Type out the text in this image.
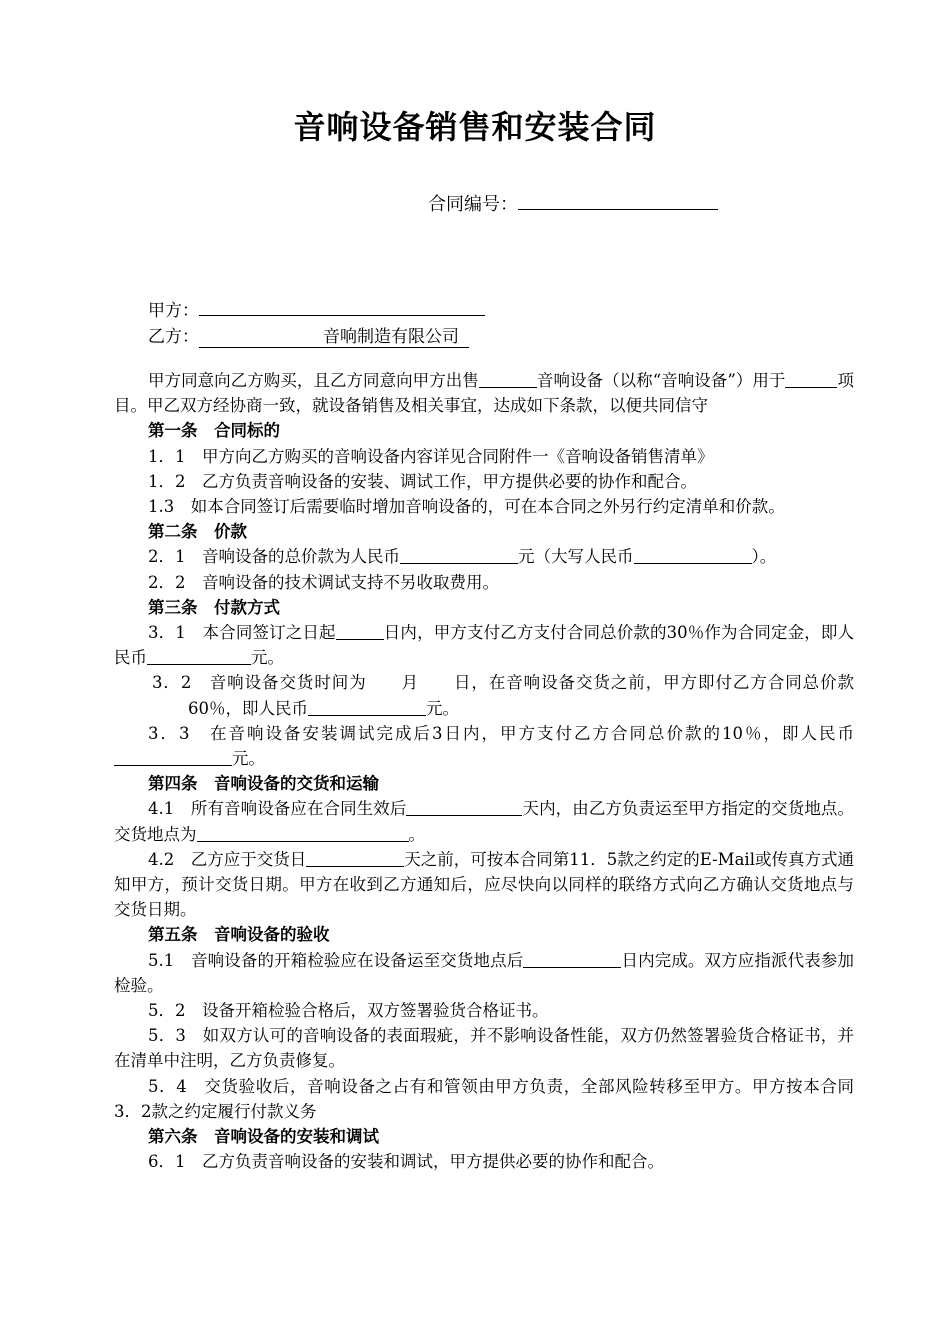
音响设备销售和安装合同
合同编号：
甲方：
乙方：	音响制造有限公司

甲方同意向乙方购买，且乙方同意向甲方出售	音响设备（以称“音响设备”）用于	项目。甲乙双方经协商一致，就设备销售及相关事宜，达成如下条款，以便共同信守

第一条　合同标的

1．1　甲方向乙方购买的音响设备内容详见合同附件一《音响设备销售清单》

1．2　乙方负责音响设备的安装、调试工作，甲方提供必要的协作和配合。

1.3　如本合同签订后需要临时增加音响设备的，可在本合同之外另行约定清单和价款。

第二条　价款

2．1　音响设备的总价款为人民币	元（大写人民币	）。

2．2　音响设备的技术调试支持不另收取费用。

第三条　付款方式

3．1　本合同签订之日起	日内，甲方支付乙方支付合同总价款的30％作为合同定金，即人民币	元。

3．2　音响设备交货时间为 月 日，在音响设备交货之前，甲方即付乙方合同总价款60％，即人民币	元。

3．3　在音响设备安装调试完成后3日内，甲方支付乙方合同总价款的10％，即人民币元。

第四条　音响设备的交货和运输

4.1　所有音响设备应在合同生效后	天内，由乙方负责运至甲方指定的交货地点。交货地点为	。

4.2　乙方应于交货日	天之前，可按本合同第11．5款之约定的E-Mail或传真方式通知甲方，预计交货日期。甲方在收到乙方通知后，应尽快向以同样的联络方式向乙方确认交货地点与交货日期。

第五条　音响设备的验收

5.1　音响设备的开箱检验应在设备运至交货地点后	日内完成。双方应指派代表参加检验。

5．2　设备开箱检验合格后，双方签署验货合格证书。

5．3　如双方认可的音响设备的表面瑕疵，并不影响设备性能，双方仍然签署验货合格证书，并在清单中注明，乙方负责修复。

5．4　交货验收后，音响设备之占有和管领由甲方负责，全部风险转移至甲方。甲方按本合同3．2款之约定履行付款义务

第六条　音响设备的安装和调试

6．1　乙方负责音响设备的安装和调试，甲方提供必要的协作和配合。
